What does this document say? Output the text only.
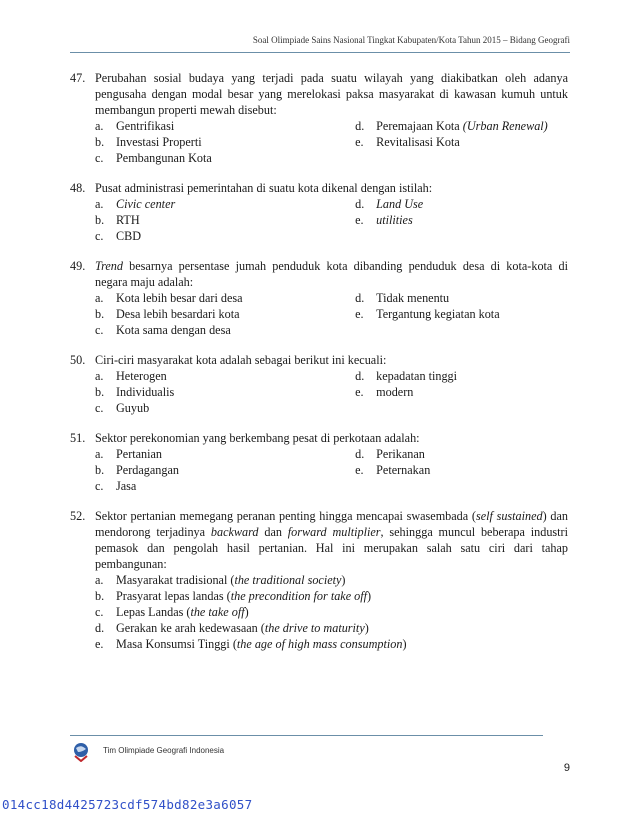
Soal Olimpiade Sains Nasional Tingkat Kabupaten/Kota Tahun 2015 – Bidang Geografi
47. Perubahan sosial budaya yang terjadi pada suatu wilayah yang diakibatkan oleh adanya pengusaha dengan modal besar yang merelokasi paksa masyarakat di kawasan kumuh untuk membangun properti mewah disebut:
a.	Gentrifikasi	d. Peremajaan Kota (Urban Renewal)
b. Investasi Properti	e.	Revitalisasi Kota
c.	Pembangunan Kota
48. Pusat administrasi pemerintahan di suatu kota dikenal dengan istilah:
a.	Civic center	d. Land Use
b. RTH	e.	utilities
c.	CBD
49. Trend besarnya persentase jumah penduduk kota dibanding penduduk desa di kota-kota di negara maju adalah:
a.	Kota lebih besar dari desa	d. Tidak menentu
b. Desa lebih besardari kota	e.	Tergantung kegiatan kota
c.	Kota sama dengan desa
50. Ciri-ciri masyarakat kota adalah sebagai berikut ini kecuali:
a.	Heterogen	d. kepadatan tinggi
b. Individualis	e.	modern
c.	Guyub
51. Sektor perekonomian yang berkembang pesat di perkotaan adalah:
a.	Pertanian	d. Perikanan
b. Perdagangan	e.	Peternakan
c.	Jasa
52. Sektor pertanian memegang peranan penting hingga mencapai swasembada (self sustained) dan mendorong terjadinya backward dan forward multiplier, sehingga muncul beberapa industri pemasok dan pengolah hasil pertanian. Hal ini merupakan salah satu ciri dari tahap pembangunan:
a.	Masyarakat tradisional (the traditional society)
b. Prasyarat lepas landas (the precondition for take off)
c.	Lepas Landas (the take off)
d. Gerakan ke arah kedewasaan (the drive to maturity)
e.	Masa Konsumsi Tinggi (the age of high mass consumption)
Tim Olimpiade Geografi Indonesia
9
014cc18d4425723cdf574bd82e3a6057
